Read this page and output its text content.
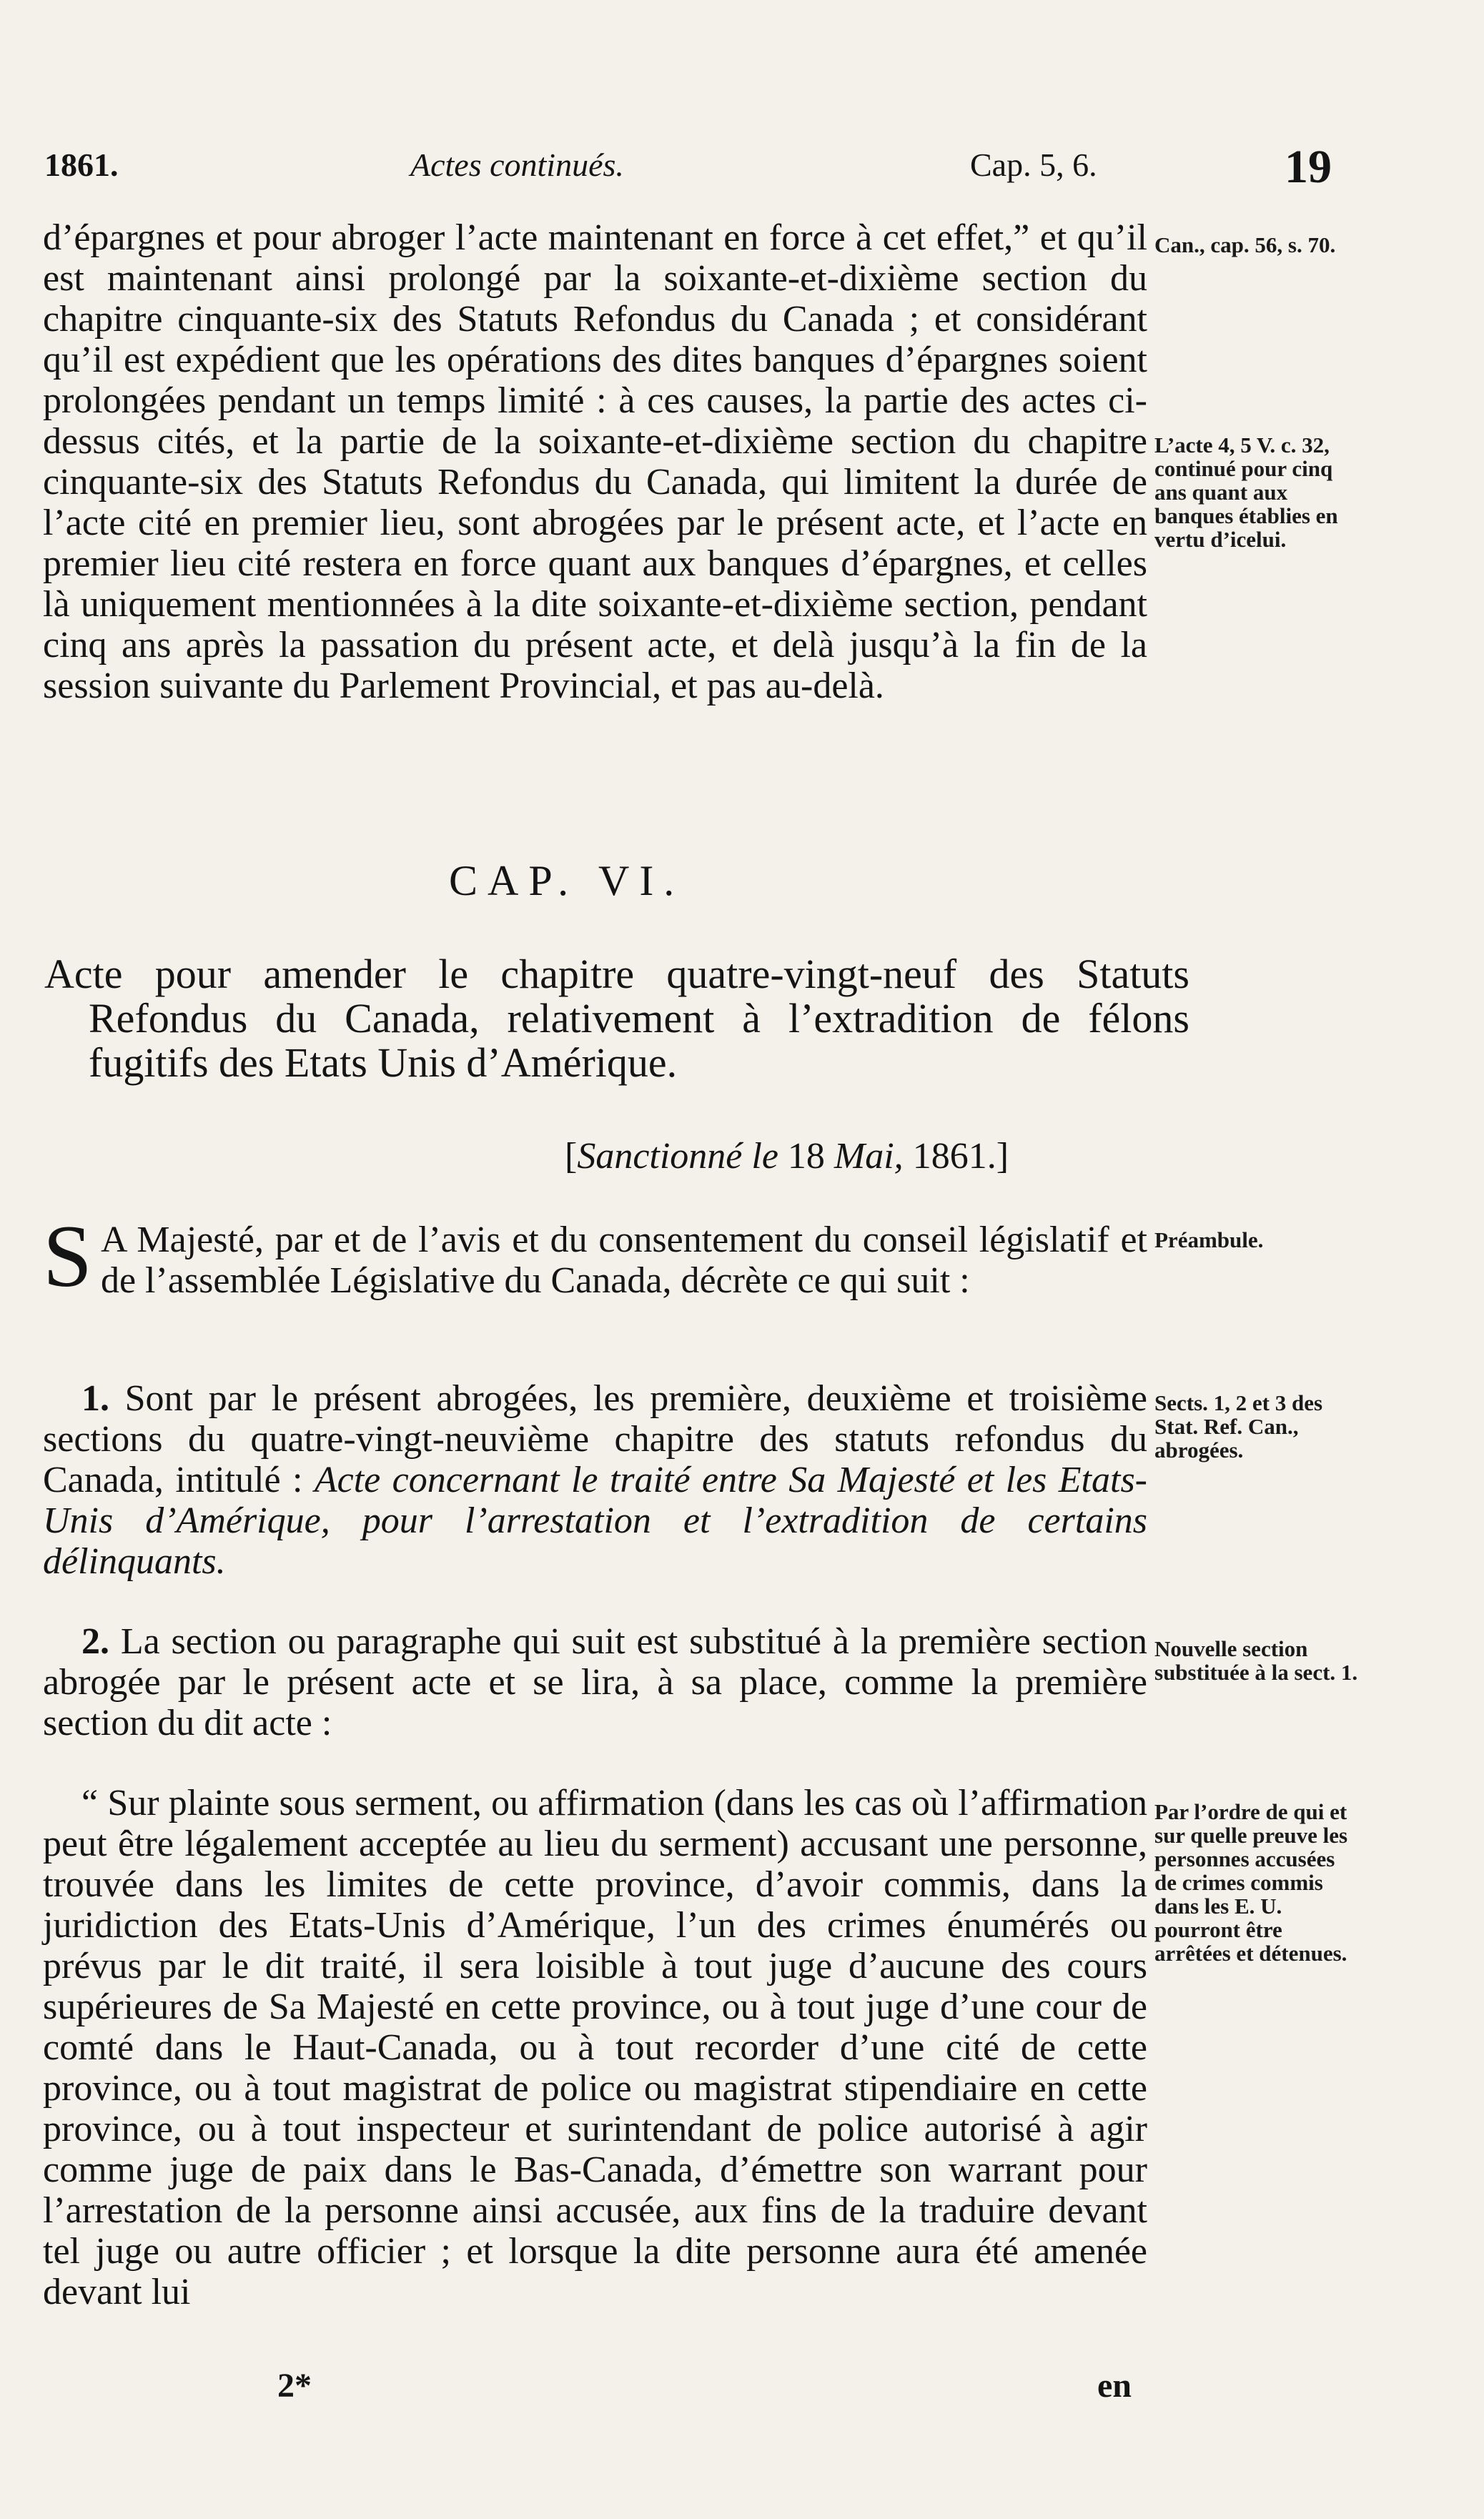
1861.	Actes continués.	Cap. 5, 6.	19

d’épargnes et pour abroger l’acte maintenant en force à cet effet,” et qu’il est maintenant ainsi prolongé par la soixante-et-dixième section du chapitre cinquante-six des Statuts Refondus du Canada ; et considérant qu’il est expédient que les opérations des dites banques d’épargnes soient prolongées pendant un temps limité : à ces causes, la partie des actes ci-dessus cités, et la partie de la soixante-et-dixième section du chapitre cinquante-six des Statuts Refondus du Canada, qui limitent la durée de l’acte cité en premier lieu, sont abrogées par le présent acte, et l’acte en premier lieu cité restera en force quant aux banques d’épargnes, et celles là uniquement mentionnées à la dite soixante-et-dixième section, pendant cinq ans après la passation du présent acte, et delà jusqu’à la fin de la session suivante du Parlement Provincial, et pas au-delà.

Can., cap. 56, s. 70.
L’acte 4, 5 V. c. 32, continué pour cinq ans quant aux banques établies en vertu d’icelui.
CAP. VI.
Acte pour amender le chapitre quatre-vingt-neuf des Statuts Refondus du Canada, relativement à l’extradition de félons fugitifs des Etats Unis d’Amérique.
[Sanctionné le 18 Mai, 1861.]

S A Majesté, par et de l’avis et du consentement du conseil législatif et de l’assemblée Législative du Canada, décrète ce qui suit :

Préambule.

1. Sont par le présent abrogées, les première, deuxième et troisième sections du quatre-vingt-neuvième chapitre des statuts refondus du Canada, intitulé : Acte concernant le traité entre Sa Majesté et les Etats-Unis d’Amérique, pour l’arrestation et l’extradition de certains délinquants.

Sects. 1, 2 et 3 des Stat. Ref. Can., abrogées.

2. La section ou paragraphe qui suit est substitué à la première section abrogée par le présent acte et se lira, à sa place, comme la première section du dit acte :

Nouvelle section substituée à la sect. 1.

“ Sur plainte sous serment, ou affirmation (dans les cas où l’affirmation peut être légalement acceptée au lieu du serment) accusant une personne, trouvée dans les limites de cette province, d’avoir commis, dans la juridiction des Etats-Unis d’Amérique, l’un des crimes énumérés ou prévus par le dit traité, il sera loisible à tout juge d’aucune des cours supérieures de Sa Majesté en cette province, ou à tout juge d’une cour de comté dans le Haut-Canada, ou à tout recorder d’une cité de cette province, ou à tout magistrat de police ou magistrat stipendiaire en cette province, ou à tout inspecteur et surintendant de police autorisé à agir comme juge de paix dans le Bas-Canada, d’émettre son warrant pour l’arrestation de la personne ainsi accusée, aux fins de la traduire devant tel juge ou autre officier ; et lorsque la dite personne aura été amenée devant lui

Par l’ordre de qui et sur quelle preuve les personnes accusées de crimes commis dans les E. U. pourront être arrêtées et détenues.
2*	en
